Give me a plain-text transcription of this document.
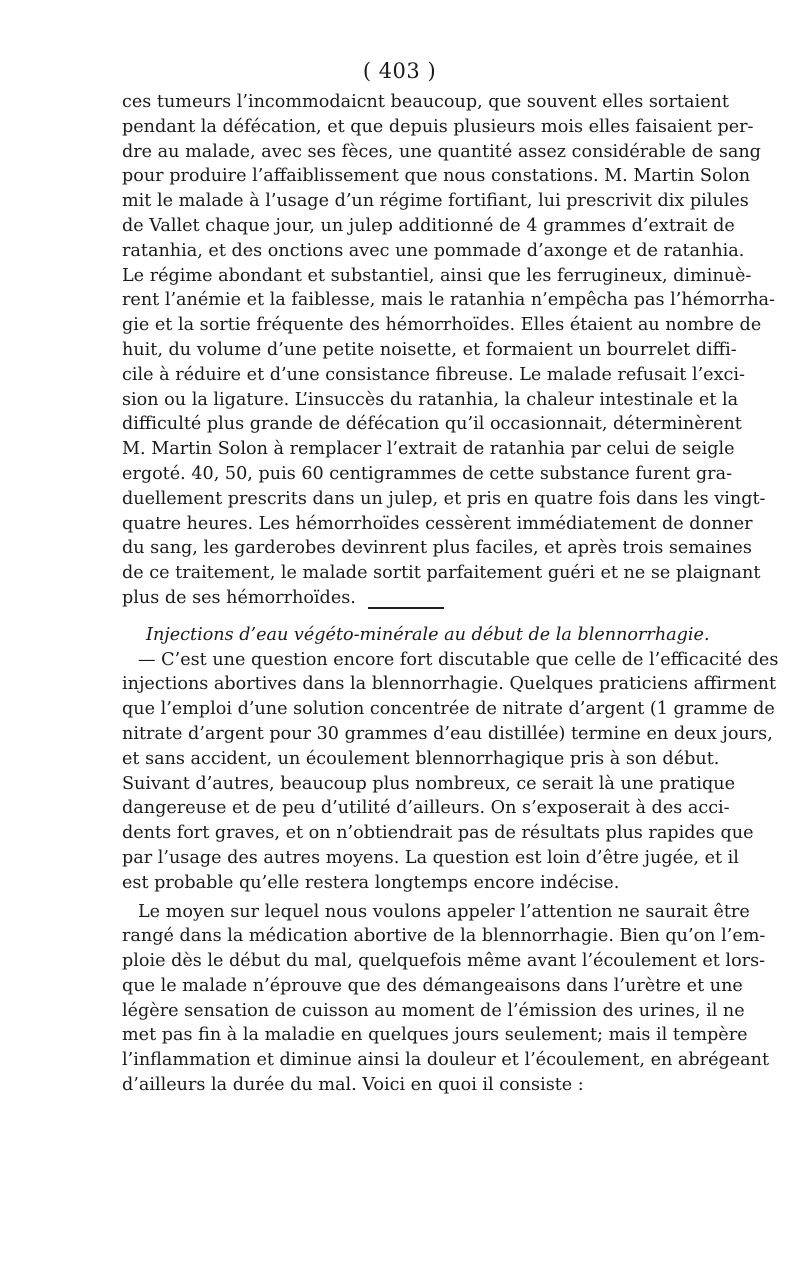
( 403 )
ces tumeurs l’incommodaicnt beaucoup, que souvent elles sortaient
pendant la défécation, et que depuis plusieurs mois elles faisaient per-
dre au malade, avec ses fèces, une quantité assez considérable de sang
pour produire l’affaiblissement que nous constations. M. Martin Solon
mit le malade à l’usage d’un régime fortifiant, lui prescrivit dix pilules
de Vallet chaque jour, un julep additionné de 4 grammes d’extrait de
ratanhia, et des onctions avec une pommade d’axonge et de ratanhia.
Le régime abondant et substantiel, ainsi que les ferrugineux, diminuè-
rent l’anémie et la faiblesse, mais le ratanhia n’empêcha pas l’hémorrha-
gie et la sortie fréquente des hémorrhoïdes. Elles étaient au nombre de
huit, du volume d’une petite noisette, et formaient un bourrelet diffi-
cile à réduire et d’une consistance fibreuse. Le malade refusait l’exci-
sion ou la ligature. L’insuccès du ratanhia, la chaleur intestinale et la
difficulté plus grande de défécation qu’il occasionnait, déterminèrent
M. Martin Solon à remplacer l’extrait de ratanhia par celui de seigle
ergoté. 40, 50, puis 60 centigrammes de cette substance furent gra-
duellement prescrits dans un julep, et pris en quatre fois dans les vingt-
quatre heures. Les hémorrhoïdes cessèrent immédiatement de donner
du sang, les garderobes devinrent plus faciles, et après trois semaines
de ce traitement, le malade sortit parfaitement guéri et ne se plaignant
plus de ses hémorrhoïdes.
Injections d’eau végéto-minérale au début de la blennorrhagie.
— C’est une question encore fort discutable que celle de l’efficacité des
injections abortives dans la blennorrhagie. Quelques praticiens affirment
que l’emploi d’une solution concentrée de nitrate d’argent (1 gramme de
nitrate d’argent pour 30 grammes d’eau distillée) termine en deux jours,
et sans accident, un écoulement blennorrhagique pris à son début.
Suivant d’autres, beaucoup plus nombreux, ce serait là une pratique
dangereuse et de peu d’utilité d’ailleurs. On s’exposerait à des acci-
dents fort graves, et on n’obtiendrait pas de résultats plus rapides que
par l’usage des autres moyens. La question est loin d’être jugée, et il
est probable qu’elle restera longtemps encore indécise.
Le moyen sur lequel nous voulons appeler l’attention ne saurait être
rangé dans la médication abortive de la blennorrhagie. Bien qu’on l’em-
ploie dès le début du mal, quelquefois même avant l’écoulement et lors-
que le malade n’éprouve que des démangeaisons dans l’urètre et une
légère sensation de cuisson au moment de l’émission des urines, il ne
met pas fin à la maladie en quelques jours seulement; mais il tempère
l’inflammation et diminue ainsi la douleur et l’écoulement, en abrégeant
d’ailleurs la durée du mal. Voici en quoi il consiste :
